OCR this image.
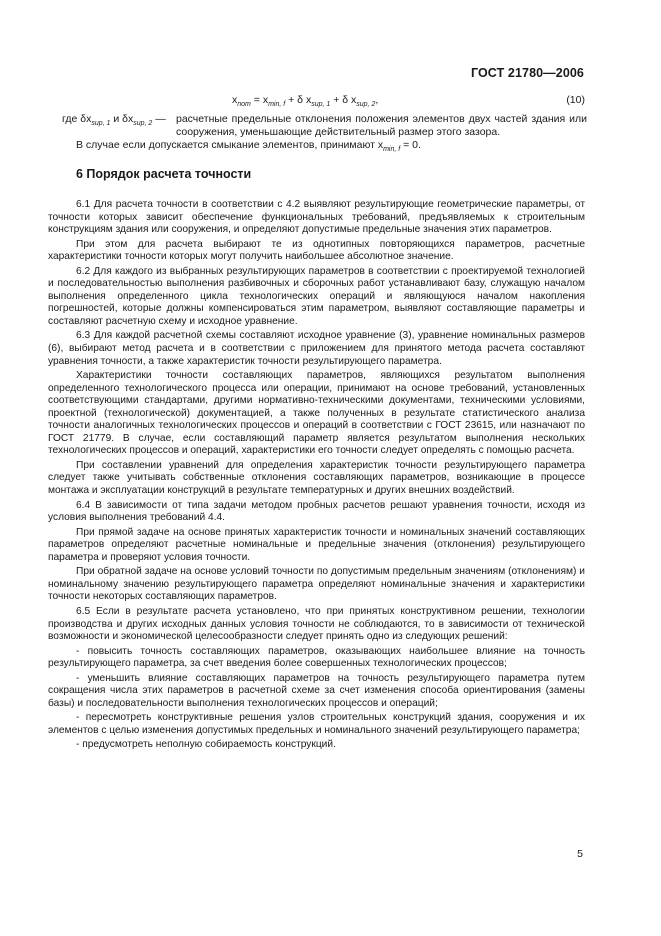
ГОСТ 21780—2006
$x_{nom} = x_{min, f} + \delta$ $x_{sup, 1} + \delta$ $x_{sup, 2}$,	(10)
где $\delta x_{sup, 1}$ и $\delta x_{sup, 2}$ — расчетные предельные отклонения положения элементов двух частей здания или сооружения, уменьшающие действительный размер этого зазора.
В случае если допускается смыкание элементов, принимают $x_{min, f} = 0$.
6 Порядок расчета точности

6.1 Для расчета точности в соответствии с 4.2 выявляют результирующие геометрические параметры, от точности которых зависит обеспечение функциональных требований, предъявляемых к строительным конструкциям здания или сооружения, и определяют допустимые предельные значения этих параметров.

При этом для расчета выбирают те из однотипных повторяющихся параметров, расчетные характеристики точности которых могут получить наибольшее абсолютное значение.

6.2 Для каждого из выбранных результирующих параметров в соответствии с проектируемой технологией и последовательностью выполнения разбивочных и сборочных работ устанавливают базу, служащую началом выполнения определенного цикла технологических операций и являющуюся началом накопления погрешностей, которые должны компенсироваться этим параметром, выявляют составляющие параметры и составляют расчетную схему и исходное уравнение.

6.3 Для каждой расчетной схемы составляют исходное уравнение (3), уравнение номинальных размеров (6), выбирают метод расчета и в соответствии с приложением для принятого метода расчета составляют уравнения точности, а также характеристик точности результирующего параметра.

Характеристики точности составляющих параметров, являющихся результатом выполнения определенного технологического процесса или операции, принимают на основе требований, установленных соответствующими стандартами, другими нормативно-техническими документами, техническими условиями, проектной (технологической) документацией, а также полученных в результате статистического анализа точности аналогичных технологических процессов и операций в соответствии с ГОСТ 23615, или назначают по ГОСТ 21779. В случае, если составляющий параметр является результатом выполнения нескольких технологических процессов и операций, характеристики его точности следует определять с помощью расчета.

При составлении уравнений для определения характеристик точности результирующего параметра следует также учитывать собственные отклонения составляющих параметров, возникающие в процессе монтажа и эксплуатации конструкций в результате температурных и других внешних воздействий.

6.4 В зависимости от типа задачи методом пробных расчетов решают уравнения точности, исходя из условия выполнения требований 4.4.

При прямой задаче на основе принятых характеристик точности и номинальных значений составляющих параметров определяют расчетные номинальные и предельные значения (отклонения) результирующего параметра и проверяют условия точности.

При обратной задаче на основе условий точности по допустимым предельным значениям (отклонениям) и номинальному значению результирующего параметра определяют номинальные значения и характеристики точности некоторых составляющих параметров.

6.5 Если в результате расчета установлено, что при принятых конструктивном решении, технологии производства и других исходных данных условия точности не соблюдаются, то в зависимости от технической возможности и экономической целесообразности следует принять одно из следующих решений:

- повысить точность составляющих параметров, оказывающих наибольшее влияние на точность результирующего параметра, за счет введения более совершенных технологических процессов;

- уменьшить влияние составляющих параметров на точность результирующего параметра путем сокращения числа этих параметров в расчетной схеме за счет изменения способа ориентирования (замены базы) и последовательности выполнения технологических процессов и операций;

- пересмотреть конструктивные решения узлов строительных конструкций здания, сооружения и их элементов с целью изменения допустимых предельных и номинального значений результирующего параметра;

- предусмотреть неполную собираемость конструкций.

5
